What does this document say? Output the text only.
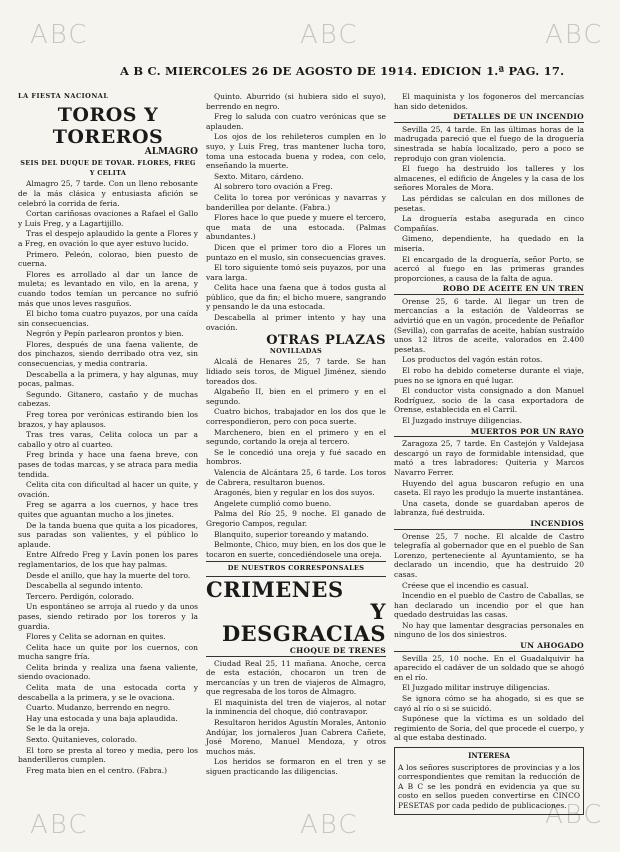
ABC	ABC	ABC
ABC	ABC	ABC
A B C. MIERCOLES 26 DE AGOSTO DE 1914. EDICION 1.ª PAG. 17.
LA FIESTA NACIONAL
TOROS Y TOREROS
ALMAGRO
SEIS DEL DUQUE DE TOVAR. FLORES, FREG Y CELITA

Almagro 25, 7 tarde. Con un lleno rebosante de la más clásica y entusiasta afición se celebró la corrida de feria.

Cortan cariñosas ovaciones a Rafael el Gallo y Luis Freg, y a Lagartijillo.

Tras el despejo aplaudido la gente a Flores y a Freg, en ovación lo que ayer estuvo lucido.

Primero. Peleón, colorao, bien puesto de cuerna.

Flores es arrollado al dar un lance de muleta; es levantado en vilo, en la arena, y cuando todos temían un percance no sufrió más que unos leves rasguños.

El bicho toma cuatro puyazos, por una caída sin consecuencias.

Negrón y Pepín parlearon prontos y bien.

Flores, después de una faena valiente, de dos pinchazos, siendo derribado otra vez, sin consecuencias, y media contraria.

Descabella a la primera, y hay algunas, muy pocas, palmas.

Segundo. Gitanero, castaño y de muchas cabezas.

Freg torea por verónicas estirando bien los brazos, y hay aplausos.

Tras tres varas, Celita coloca un par a caballo y otro al cuarteo.

Freg brinda y hace una faena breve, con pases de todas marcas, y se atraca para media tendida.

Celita cita con dificultad al hacer un quite, y ovación.

Freg se agarra a los cuernos, y hace tres quites que aguantan mucho a los jinetes.

De la tanda buena que quita a los picadores, sus paradas son valientes, y el público lo aplaude.

Entre Alfredo Freg y Lavín ponen los pares reglamentarios, de los que hay palmas.

Desde el anillo, que hay la muerte del toro.

Descabella al segundo intento.

Tercero. Perdigón, colorado.

Un espontáneo se arroja al ruedo y da unos pases, siendo retirado por los toreros y la guardia.

Flores y Celita se adornan en quites.

Celita hace un quite por los cuernos, con mucha sangre fría.

Celita brinda y realiza una faena valiente, siendo ovacionado.

Celita mata de una estocada corta y descabella a la primera, y se le ovaciona.

Cuarto. Mudanzo, berrendo en negro.

Hay una estocada y una baja aplaudida.

Se le da la oreja.

Sexto. Quitanieves, colorado.

El toro se presta al toreo y media, pero los banderilleros cumplen.

Freg mata bien en el centro. (Fabra.)

Quinto. Aburrido (si hubiera sido el suyo), berrendo en negro.

Freg lo saluda con cuatro verónicas que se aplauden.

Los ojos de los rehileteros cumplen en lo suyo, y Luis Freg, tras mantener lucha toro, toma una estocada buena y rodea, con celo, enseñando la muerte.

Sexto. Mitaro, cárdeno.

Al sobrero toro ovación a Freg.

Celita lo torea por verónicas y navarras y banderillea por delante. (Fabra.)

Flores hace lo que puede y muere el tercero, que mata de una estocada. (Palmas abundantes.)

Dicen que el primer toro dio a Flores un puntazo en el muslo, sin consecuencias graves.

El toro siguiente tomó seis puyazos, por una vara larga.

Celita hace una faena que á todos gusta al público, que da fin; el bicho muere, sangrando y pensando le da una estocada.

Descabella al primer intento y hay una ovación.

OTRAS PLAZAS
NOVILLADAS

Alcalá de Henares 25, 7 tarde. Se han lidiado seis toros, de Miguel Jiménez, siendo toreados dos.

Algabeño II, bien en el primero y en el segundo.

Cuatro bichos, trabajador en los dos que le correspondieron, pero con poca suerte.

Marchenero, bien en el primero y en el segundo, cortando la oreja al tercero.

Se le concedió una oreja y fué sacado en hombros.

Valencia de Alcántara 25, 6 tarde. Los toros de Cabrera, resultaron buenos.

Aragonés, bien y regular en los dos suyos.

Angelete cumplió como bueno.

Palma del Río 25, 9 noche. El ganado de Gregorio Campos, regular.

Blanquito, superior toreando y matando.

Belmonte, Chico, muy bien, en los dos que le tocaron en suerte, concediéndosele una oreja.

DE NUESTROS CORRESPONSALES
CRIMENES
Y DESGRACIAS
CHOQUE DE TRENES

Ciudad Real 25, 11 mañana. Anoche, cerca de esta estación, chocaron un tren de mercancías y un tren de viajeros de Almagro, que regresaba de los toros de Almagro.

El maquinista del tren de viajeros, al notar la inminencia del choque, dió contravapor.

Resultaron heridos Agustín Morales, Antonio Andújar, los jornaleros Juan Cabrera Cañete, José Moreno, Manuel Mendoza, y otros muchos más.

Los heridos se formaron en el tren y se siguen practicando las diligencias.

El maquinista y los fogoneros del mercancías han sido detenidos.

DETALLES DE UN INCENDIO

Sevilla 25, 4 tarde. En las últimas horas de la madrugada pareció que el fuego de la droguería sinestrada se había localizado, pero a poco se reprodujo con gran violencia.

El fuego ha destruido los talleres y los almacenes, el edificio de Ángeles y la casa de los señores Morales de Mora.

Las pérdidas se calculan en dos millones de pesetas.

La droguería estaba asegurada en cinco Compañías.

Gimeno, dependiente, ha quedado en la miseria.

El encargado de la droguería, señor Porto, se acercó al fuego en las primeras grandes proporciones, a causa de la falta de agua.

ROBO DE ACEITE EN UN TREN

Orense 25, 6 tarde. Al llegar un tren de mercancías a la estación de Valdeorras se advirtió que en un vagón, procedente de Peñaflor (Sevilla), con garrafas de aceite, habían sustraído unos 12 litros de aceite, valorados en 2.400 pesetas.

Los productos del vagón están rotos.

El robo ha debido cometerse durante el viaje, pues no se ignora en qué lugar.

El conductor vista consignado a don Manuel Rodríguez, socio de la casa exportadora de Orense, establecida en el Carril.

El Juzgado instruye diligencias.

MUERTOS POR UN RAYO

Zaragoza 25, 7 tarde. En Castejón y Valdejasa descargó un rayo de formidable intensidad, que mató a tres labradores: Quiteria y Marcos Navarro Ferrer.

Huyendo del agua buscaron refugio en una caseta. El rayo les produjo la muerte instantánea.

Una caseta, donde se guardaban aperos de labranza, fué destruida.

INCENDIOS

Orense 25, 7 noche. El alcalde de Castro telegrafía al gobernador que en el pueblo de San Lorenzo, perteneciente al Ayuntamiento, se ha declarado un incendio, que ha destruido 20 casas.

Créese que el incendio es casual.

Incendio en el pueblo de Castro de Caballas, se han declarado un incendio por el que han quedado destruidas las casas.

No hay que lamentar desgracias personales en ninguno de los dos siniestros.

UN AHOGADO

Sevilla 25, 10 noche. En el Guadalquivir ha aparecido el cadáver de un soldado que se ahogó en el río.

El Juzgado militar instruye diligencias.

Se ignora cómo se ha ahogado, si es que se cayó al río o si se suicidó.

Supónese que la víctima es un soldado del regimiento de Soria, del que procede el cuerpo, y al que estaba destinado.

INTERESA
A los señores suscriptores de provincias y a los correspondientes que remitan la reducción de A B C se les pondrá en evidencia ya que su costo en sellos pueden convertirse en CINCO PESETAS por cada pedido de publicaciones.
